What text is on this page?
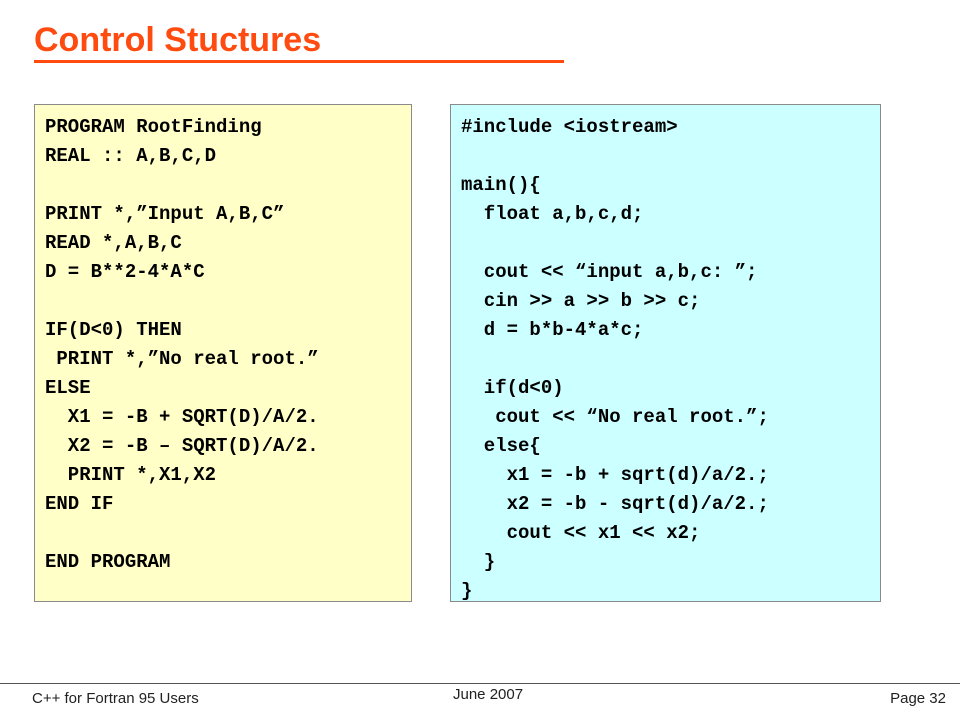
Control Stuctures
PROGRAM RootFinding
REAL :: A,B,C,D
PRINT *,”Input A,B,C”
READ *,A,B,C
D = B**2-4*A*C
IF(D<0) THEN
PRINT *,”No real root.”
ELSE
X1 = -B + SQRT(D)/A/2.
X2 = -B – SQRT(D)/A/2.
PRINT *,X1,X2
END IF
END PROGRAM
#include <iostream>
main(){
float a,b,c,d;
cout << “input a,b,c: ”;
cin >> a >> b >> c;
d = b*b-4*a*c;
if(d<0)
cout << “No real root.”;
else{
x1 = -b + sqrt(d)/a/2.;
x2 = -b - sqrt(d)/a/2.;
cout << x1 << x2;
}
}
C++ for Fortran 95 Users	June 2007	Page 32
